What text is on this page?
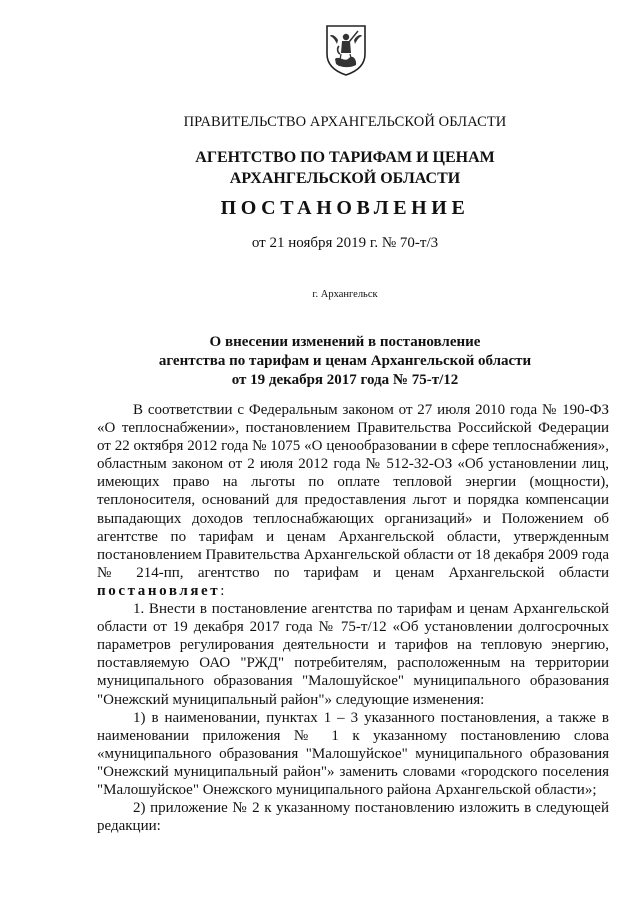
ПРАВИТЕЛЬСТВО АРХАНГЕЛЬСКОЙ ОБЛАСТИ
АГЕНТСТВО ПО ТАРИФАМ И ЦЕНАМ
АРХАНГЕЛЬСКОЙ ОБЛАСТИ
ПОСТАНОВЛЕНИЕ
от 21 ноября 2019 г. № 70-т/3
г. Архангельск
О внесении изменений в постановление
агентства по тарифам и ценам Архангельской области
от 19 декабря 2017 года № 75-т/12

В соответствии с Федеральным законом от 27 июля 2010 года № 190-ФЗ «О теплоснабжении», постановлением Правительства Российской Федерации от 22 октября 2012 года № 1075 «О ценообразовании в сфере теплоснабжения», областным законом от 2 июля 2012 года № 512-32-ОЗ «Об установлении лиц, имеющих право на льготы по оплате тепловой энергии (мощности), теплоносителя, оснований для предоставления льгот и порядка компенсации выпадающих доходов теплоснабжающих организаций» и Положением об агентстве по тарифам и ценам Архангельской области, утвержденным постановлением Правительства Архангельской области от 18 декабря 2009 года № 214-пп, агентство по тарифам и ценам Архангельской области постановляет:

1. Внести в постановление агентства по тарифам и ценам Архангельской области от 19 декабря 2017 года № 75-т/12 «Об установлении долгосрочных параметров регулирования деятельности и тарифов на тепловую энергию, поставляемую ОАО "РЖД" потребителям, расположенным на территории муниципального образования "Малошуйское" муниципального образования "Онежский муниципальный район"» следующие изменения:

1) в наименовании, пунктах 1 – 3 указанного постановления, а также в наименовании приложения № 1 к указанному постановлению слова «муниципального образования "Малошуйское" муниципального образования "Онежский муниципальный район"» заменить словами «городского поселения "Малошуйское" Онежского муниципального района Архангельской области»;

2) приложение № 2 к указанному постановлению изложить в следующей редакции:
